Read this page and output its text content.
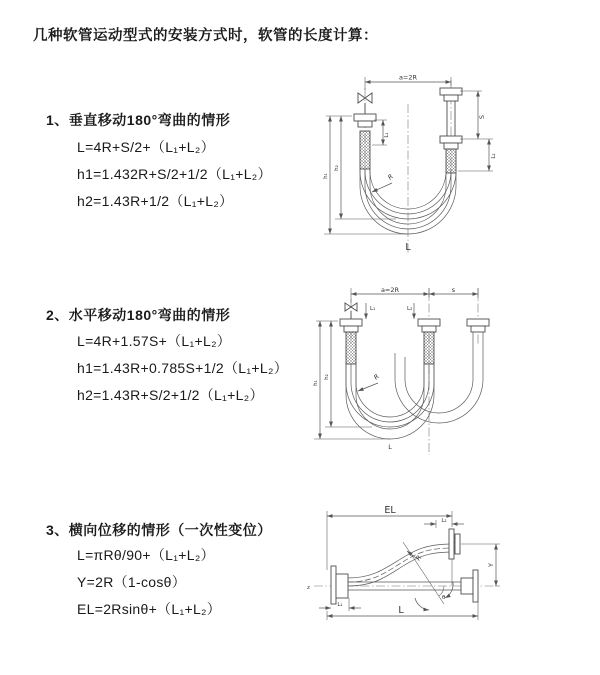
几种软管运动型式的安装方式时，软管的长度计算：
1、垂直移动180°弯曲的情形
L=4R+S/2+（L₁+L₂）
h1=1.432R+S/2+1/2（L₁+L₂）
h2=1.43R+1/2（L₁+L₂）
2、水平移动180°弯曲的情形
L=4R+1.57S+（L₁+L₂）
h1=1.43R+0.785S+1/2（L₁+L₂）
h2=1.43R+S/2+1/2（L₁+L₂）
3、横向位移的情形（一次性变位）
L=πRθ/90+（L₁+L₂）
Y=2R（1-cosθ）
EL=2Rsinθ+（L₁+L₂）
a=2R
L₁
S
L₂
h₁
h₂
R
L
a=2R	s
L₁	L₂
h₁
h₂	R
L
z
EL
L₂
L₁
Y
L
θ
R
